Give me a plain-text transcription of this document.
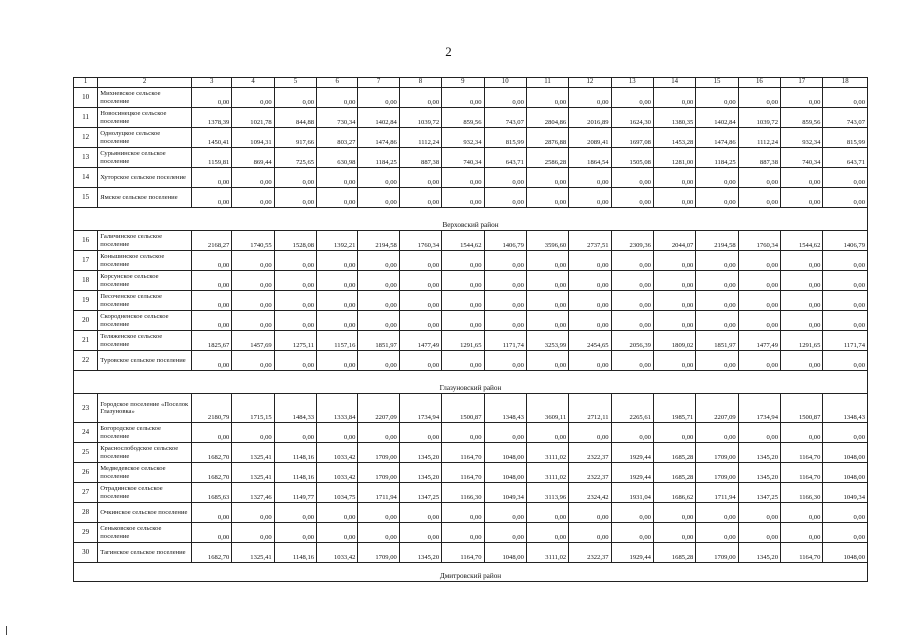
2
1	2	3	4	5	6	7	8	9	10	11	12	13	14	15	16	17	18
10	Михневское сельское поселение	0,00	0,00	0,00	0,00	0,00	0,00	0,00	0,00	0,00	0,00	0,00	0,00	0,00	0,00	0,00	0,00
11	Новосинецкое сельское поселение	1378,39	1021,78	844,88	730,34	1402,84	1039,72	859,56	743,07	2804,86	2016,89	1624,30	1380,35	1402,84	1039,72	859,56	743,07
12	Однолуцкое сельское поселение	1450,41	1094,31	917,66	803,27	1474,86	1112,24	932,34	815,99	2876,88	2089,41	1697,08	1453,28	1474,86	1112,24	932,34	815,99
13	Сурьянинское сельское поселение	1159,81	869,44	725,65	630,98	1184,25	887,38	740,34	643,71	2586,28	1864,54	1505,08	1281,00	1184,25	887,38	740,34	643,71
14	Хуторское сельское поселение	0,00	0,00	0,00	0,00	0,00	0,00	0,00	0,00	0,00	0,00	0,00	0,00	0,00	0,00	0,00	0,00
15	Ямское сельское поселение	0,00	0,00	0,00	0,00	0,00	0,00	0,00	0,00	0,00	0,00	0,00	0,00	0,00	0,00	0,00	0,00
Верховский район																	
16	Галичинское сельское поселение	2168,27	1740,55	1528,08	1392,21	2194,58	1760,34	1544,62	1406,79	3596,60	2737,51	2309,36	2044,07	2194,58	1760,34	1544,62	1406,79
17	Коньшинское сельское поселение	0,00	0,00	0,00	0,00	0,00	0,00	0,00	0,00	0,00	0,00	0,00	0,00	0,00	0,00	0,00	0,00
18	Корсунское сельское поселение	0,00	0,00	0,00	0,00	0,00	0,00	0,00	0,00	0,00	0,00	0,00	0,00	0,00	0,00	0,00	0,00
19	Песоченское сельское поселение	0,00	0,00	0,00	0,00	0,00	0,00	0,00	0,00	0,00	0,00	0,00	0,00	0,00	0,00	0,00	0,00
20	Скородненское сельское поселение	0,00	0,00	0,00	0,00	0,00	0,00	0,00	0,00	0,00	0,00	0,00	0,00	0,00	0,00	0,00	0,00
21	Теляженское сельское поселение	1825,67	1457,69	1275,11	1157,16	1851,97	1477,49	1291,65	1171,74	3253,99	2454,65	2056,39	1809,02	1851,97	1477,49	1291,65	1171,74
22	Туровское сельское поселение	0,00	0,00	0,00	0,00	0,00	0,00	0,00	0,00	0,00	0,00	0,00	0,00	0,00	0,00	0,00	0,00
Глазуновский район																	
23	Городское поселение «Поселок Глазуновка»	2180,79	1715,15	1484,33	1333,84	2207,09	1734,94	1500,87	1348,43	3609,11	2712,11	2265,61	1985,71	2207,09	1734,94	1500,87	1348,43
24	Богородское сельское поселение	0,00	0,00	0,00	0,00	0,00	0,00	0,00	0,00	0,00	0,00	0,00	0,00	0,00	0,00	0,00	0,00
25	Краснослободское сельское поселение	1682,70	1325,41	1148,16	1033,42	1709,00	1345,20	1164,70	1048,00	3111,02	2322,37	1929,44	1685,28	1709,00	1345,20	1164,70	1048,00
26	Медведевское сельское поселение	1682,70	1325,41	1148,16	1033,42	1709,00	1345,20	1164,70	1048,00	3111,02	2322,37	1929,44	1685,28	1709,00	1345,20	1164,70	1048,00
27	Отрадинское сельское поселение	1685,63	1327,46	1149,77	1034,75	1711,94	1347,25	1166,30	1049,34	3113,96	2324,42	1931,04	1686,62	1711,94	1347,25	1166,30	1049,34
28	Очкинское сельское поселение	0,00	0,00	0,00	0,00	0,00	0,00	0,00	0,00	0,00	0,00	0,00	0,00	0,00	0,00	0,00	0,00
29	Сеньковское сельское поселение	0,00	0,00	0,00	0,00	0,00	0,00	0,00	0,00	0,00	0,00	0,00	0,00	0,00	0,00	0,00	0,00
30	Тагинское сельское поселение	1682,70	1325,41	1148,16	1033,42	1709,00	1345,20	1164,70	1048,00	3111,02	2322,37	1929,44	1685,28	1709,00	1345,20	1164,70	1048,00
Дмитровский район																	
